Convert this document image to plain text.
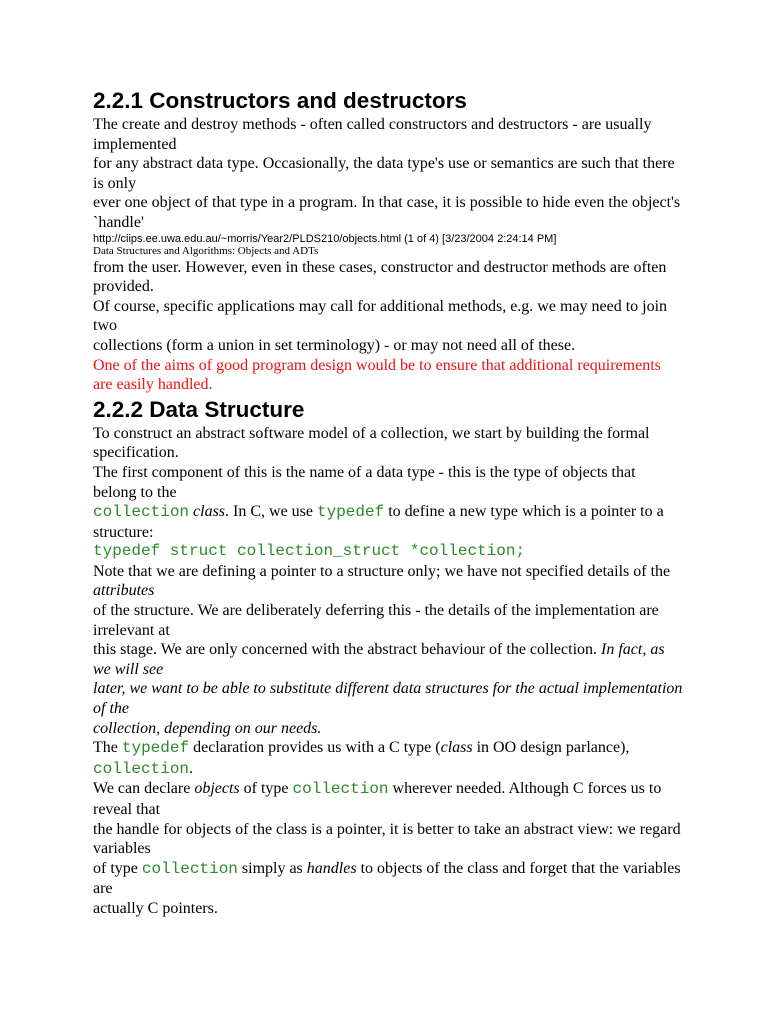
2.2.1 Constructors and destructors

The create and destroy methods - often called constructors and destructors - are usually implemented

for any abstract data type. Occasionally, the data type's use or semantics are such that there is only

ever one object of that type in a program. In that case, it is possible to hide even the object's `handle'

http://ciips.ee.uwa.edu.au/~morris/Year2/PLDS210/objects.html (1 of 4) [3/23/2004 2:24:14 PM]

Data Structures and Algorithms: Objects and ADTs

from the user. However, even in these cases, constructor and destructor methods are often provided.

Of course, specific applications may call for additional methods, e.g. we may need to join two

collections (form a union in set terminology) - or may not need all of these.

One of the aims of good program design would be to ensure that additional requirements

are easily handled.

2.2.2 Data Structure

To construct an abstract software model of a collection, we start by building the formal specification.

The first component of this is the name of a data type - this is the type of objects that belong to the

collection class. In C, we use typedef to define a new type which is a pointer to a structure:

typedef struct collection_struct *collection;

Note that we are defining a pointer to a structure only; we have not specified details of the attributes

of the structure. We are deliberately deferring this - the details of the implementation are irrelevant at

this stage. We are only concerned with the abstract behaviour of the collection. In fact, as we will see

later, we want to be able to substitute different data structures for the actual implementation of the

collection, depending on our needs.

The typedef declaration provides us with a C type (class in OO design parlance), collection.

We can declare objects of type collection wherever needed. Although C forces us to reveal that

the handle for objects of the class is a pointer, it is better to take an abstract view: we regard variables

of type collection simply as handles to objects of the class and forget that the variables are

actually C pointers.
